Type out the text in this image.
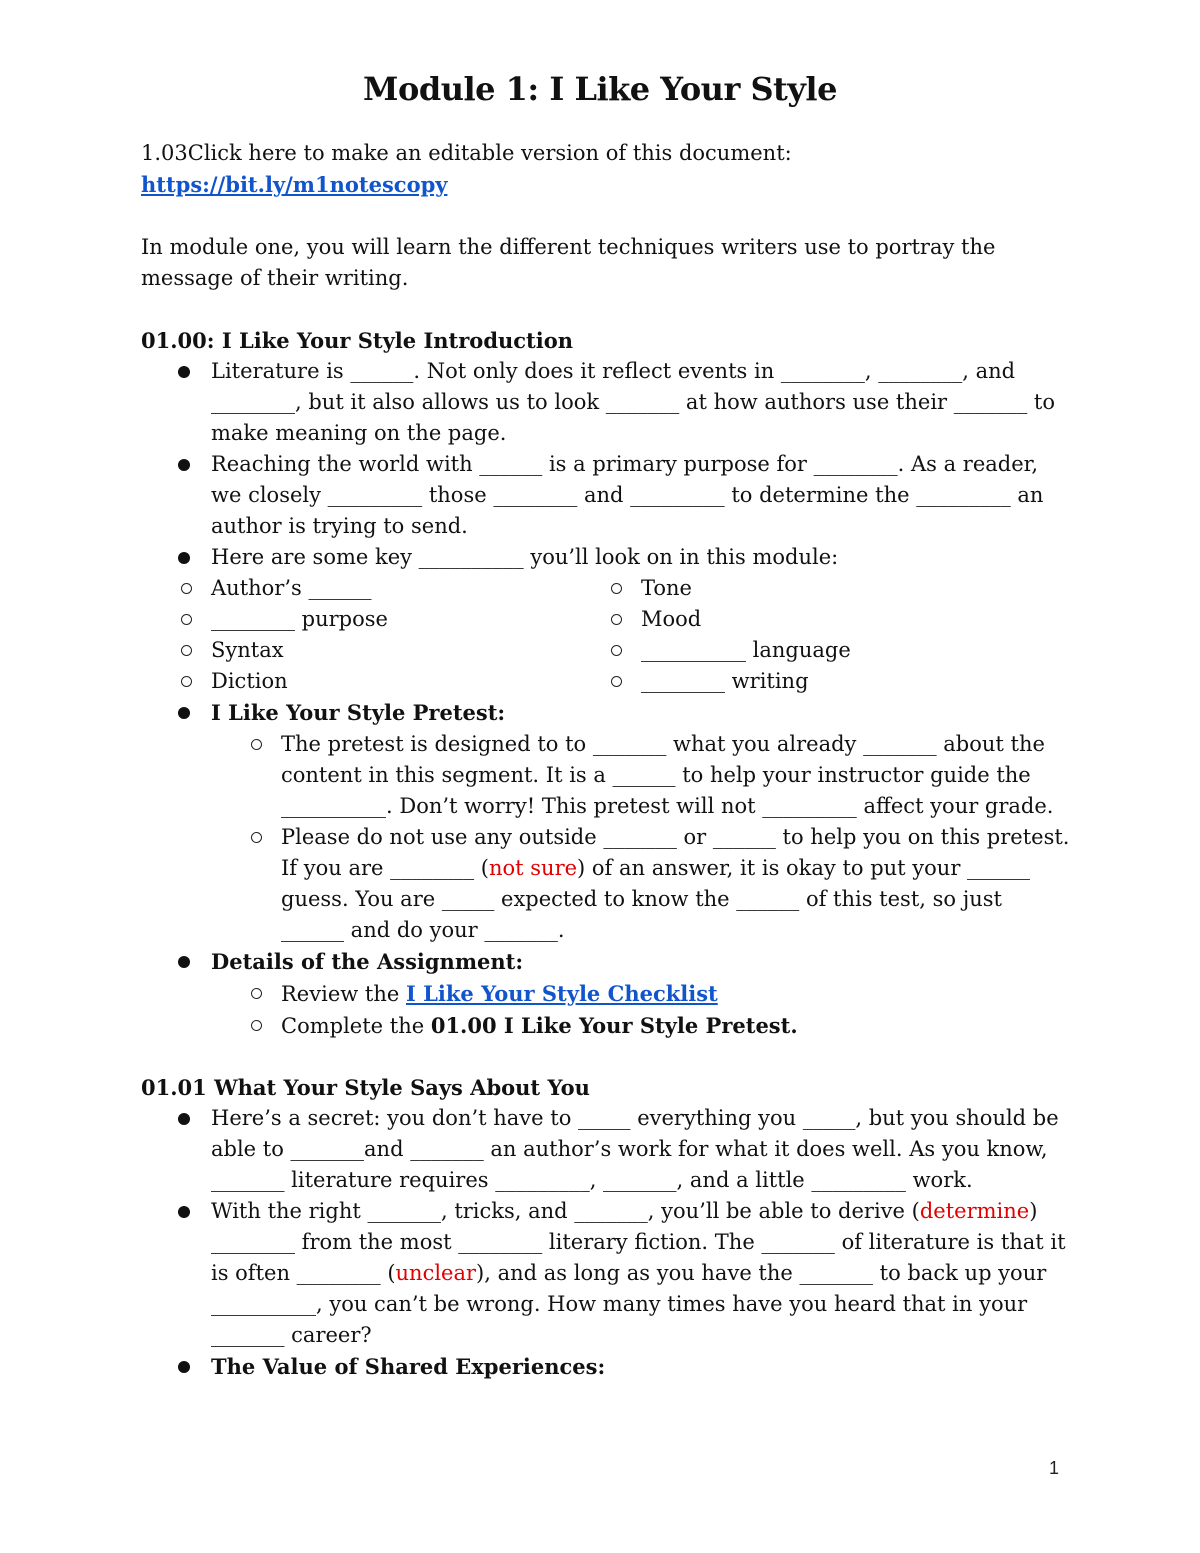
Module 1: I Like Your Style

1.03Click here to make an editable version of this document:

https://bit.ly/m1notescopy

In module one, you will learn the different techniques writers use to portray the message of their writing.

01.00: I Like Your Style Introduction
Literature is ______. Not only does it reflect events in ________, ________, and ________, but it also allows us to look _______ at how authors use their _______ to make meaning on the page.
Reaching the world with ______ is a primary purpose for ________. As a reader, we closely _________ those ________ and _________ to determine the _________ an author is trying to send.
Here are some key __________ you’ll look on in this module:
Author’s ______
________ purpose
Syntax
Diction
Tone
Mood
__________ language
________ writing
I Like Your Style Pretest:
The pretest is designed to to _______ what you already _______ about the content in this segment. It is a ______ to help your instructor guide the __________. Don’t worry! This pretest will not _________ affect your grade.
Please do not use any outside _______ or ______ to help you on this pretest. If you are ________ (not sure) of an answer, it is okay to put your ______ guess. You are _____ expected to know the ______ of this test, so just ______ and do your _______.
Details of the Assignment:
Review the I Like Your Style Checklist
Complete the 01.00 I Like Your Style Pretest.
01.01 What Your Style Says About You
Here’s a secret: you don’t have to _____ everything you _____, but you should be able to _______and _______ an author’s work for what it does well. As you know, _______ literature requires _________, _______, and a little _________ work.
With the right _______, tricks, and _______, you’ll be able to derive (determine) ________ from the most ________ literary fiction. The _______ of literature is that it is often ________ (unclear), and as long as you have the _______ to back up your __________, you can’t be wrong. How many times have you heard that in your _______ career?
The Value of Shared Experiences:
1
